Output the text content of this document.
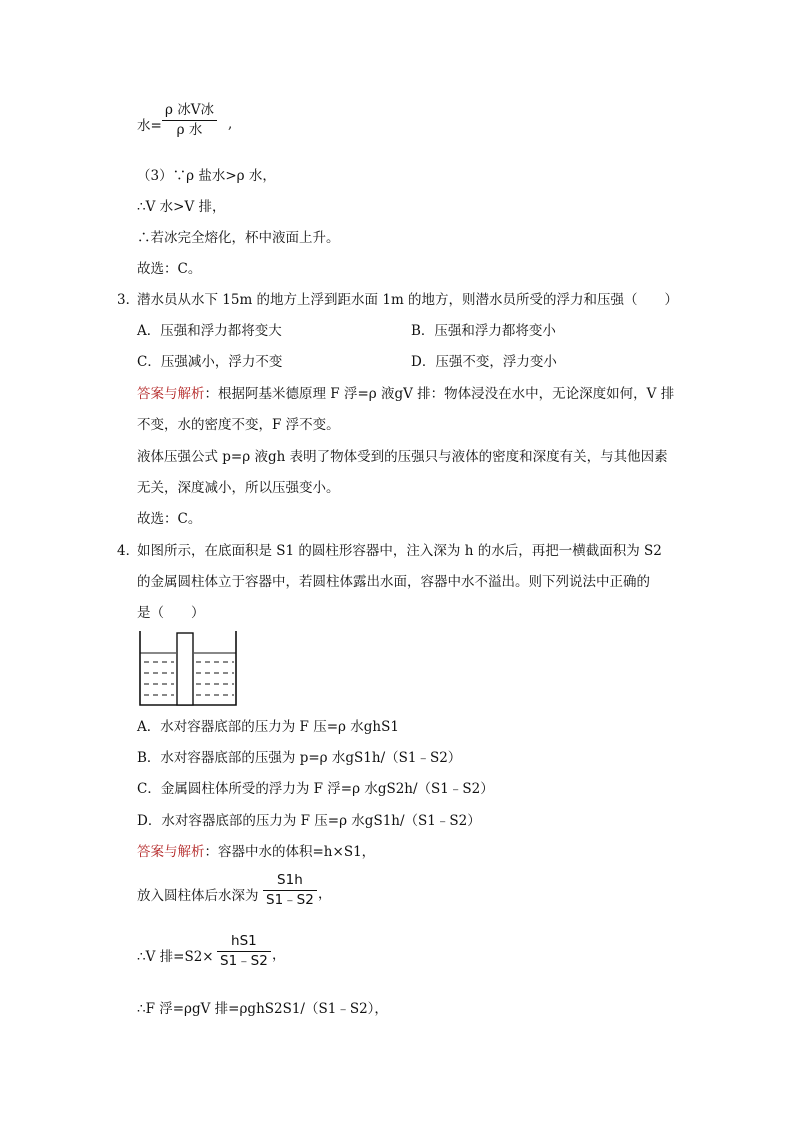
水=
ρ 冰V冰
ρ 水 ,
（3）∵ρ 盐水>ρ 水，
∴V 水>V 排，
∴若冰完全熔化，杯中液面上升。
故选：C。
3．
潜水员从水下 15m 的地方上浮到距水面 1m 的地方，则潜水员所受的浮力和压强（　　）
A．压强和浮力都将变大	B．压强和浮力都将变小
C．压强减小，浮力不变	D．压强不变，浮力变小
答案与解析：根据阿基米德原理 F 浮=ρ 液gV 排：物体浸没在水中，无论深度如何，V 排
不变，水的密度不变，F 浮不变。
液体压强公式 p=ρ 液gh 表明了物体受到的压强只与液体的密度和深度有关，与其他因素
无关，深度减小，所以压强变小。
故选：C。
4．
如图所示，在底面积是 S1 的圆柱形容器中，注入深为 h 的水后，再把一横截面积为 S2
的金属圆柱体立于容器中，若圆柱体露出水面，容器中水不溢出。则下列说法中正确的
是（　　）
A．水对容器底部的压力为 F 压=ρ 水ghS1
B．水对容器底部的压强为 p=ρ 水gS1h/（S1﹣S2）
C．金属圆柱体所受的浮力为 F 浮=ρ 水gS2h/（S1﹣S2）
D．水对容器底部的压力为 F 压=ρ 水gS1h/（S1﹣S2）
答案与解析：容器中水的体积=h×S1，
放入圆柱体后水深为
S1h
S1﹣S2 ，
∴V 排=S2×
hS1
S1﹣S2 ，
∴F 浮=ρgV 排=ρghS2S1/（S1﹣S2），
